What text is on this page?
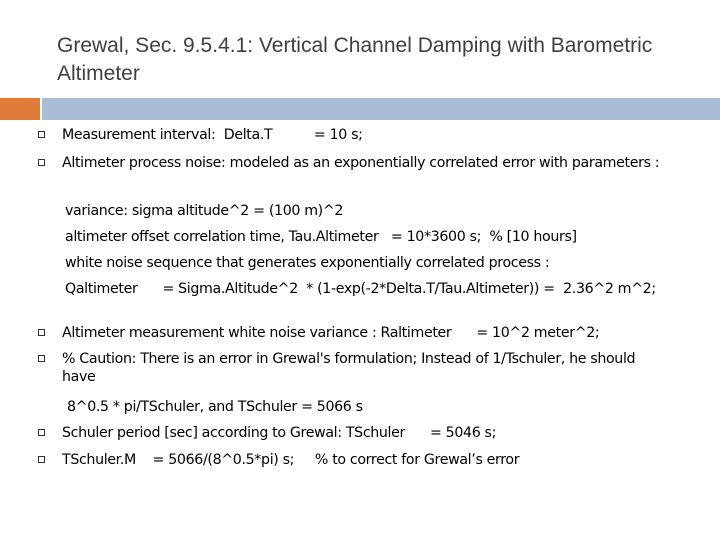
Grewal, Sec. 9.5.4.1: Vertical Channel Damping with Barometric Altimeter
Measurement interval:  Delta.T          = 10 s;
Altimeter process noise: modeled as an exponentially correlated error with parameters :
variance: sigma altitude^2 = (100 m)^2
altimeter offset correlation time, Tau.Altimeter   = 10*3600 s;  % [10 hours]
white noise sequence that generates exponentially correlated process :
Qaltimeter      = Sigma.Altitude^2  * (1-exp(-2*Delta.T/Tau.Altimeter)) =  2.36^2 m^2;
Altimeter measurement white noise variance : Raltimeter      = 10^2 meter^2;
% Caution: There is an error in Grewal's formulation; Instead of 1/Tschuler, he should have
8^0.5 * pi/TSchuler, and TSchuler = 5066 s
Schuler period [sec] according to Grewal: TSchuler      = 5046 s;
TSchuler.M    = 5066/(8^0.5*pi) s;     % to correct for Grewal’s error
